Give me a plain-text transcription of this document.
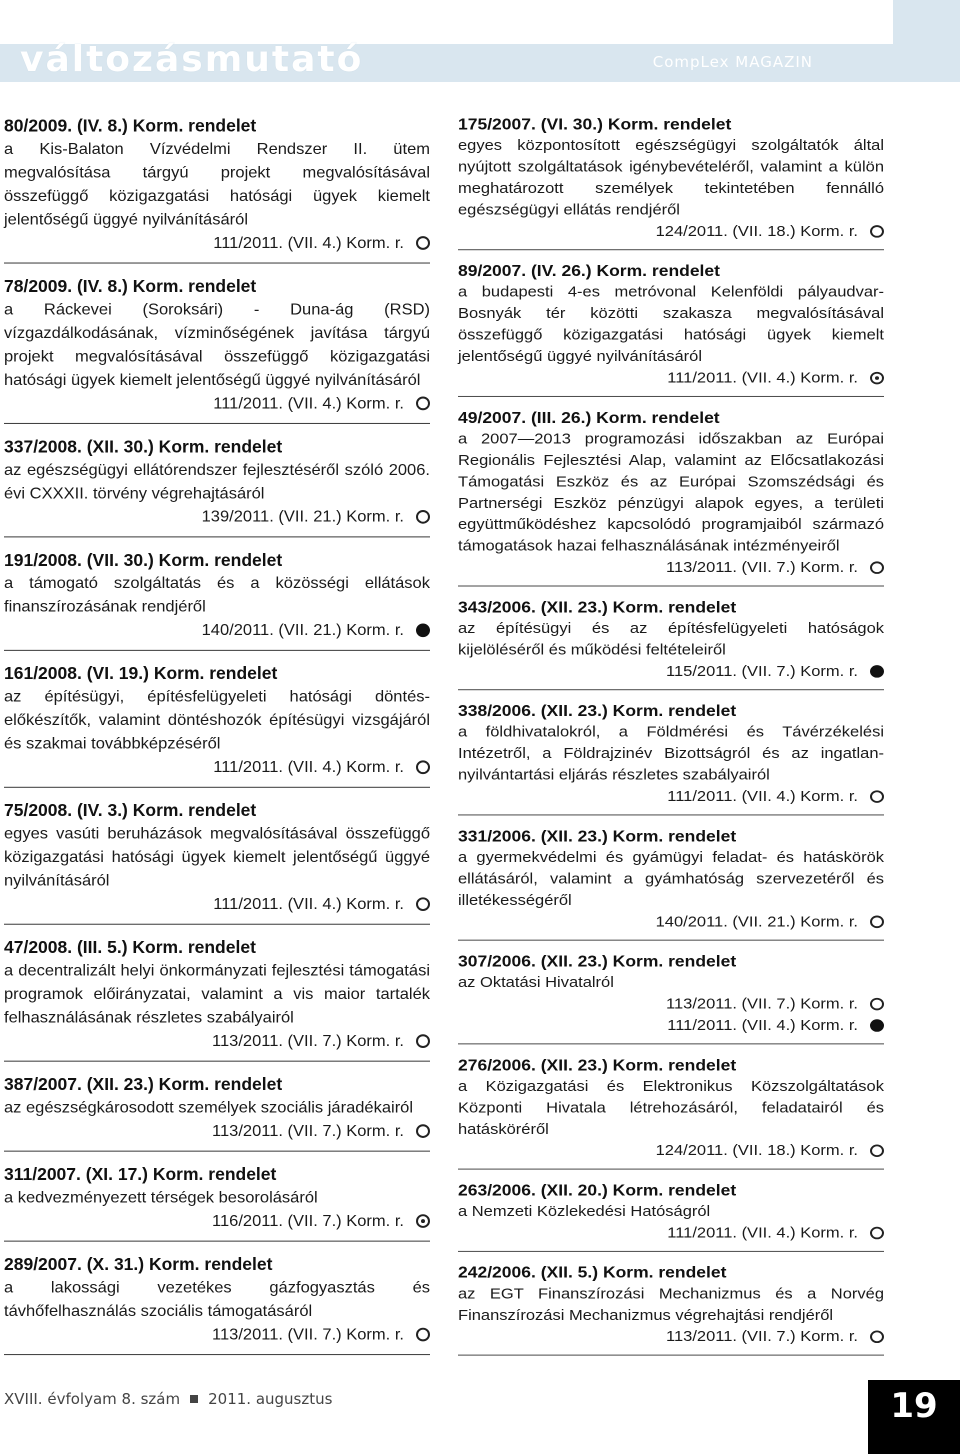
változásmutató	CompLex MAGAZIN
80/2009. (IV. 8.) Korm. rendelet
a Kis-Balaton Vízvédelmi Rendszer II. ütem megvalósítása tárgyú projekt megvalósításával összefüggő közigazgatási hatósági ügyek kiemelt jelentőségű üggyé nyilvánításáról
111/2011. (VII. 4.) Korm. r.
78/2009. (IV. 8.) Korm. rendelet
a Ráckevei (Soroksári) - Duna-ág (RSD) vízgazdálkodásának, vízminőségének javítása tárgyú projekt megvalósításával összefüggő közigazgatási hatósági ügyek kiemelt jelentőségű üggyé nyilvánításáról
111/2011. (VII. 4.) Korm. r.
337/2008. (XII. 30.) Korm. rendelet
az egészségügyi ellátórendszer fejlesztéséről szóló 2006. évi CXXXII. törvény végrehajtásáról
139/2011. (VII. 21.) Korm. r.
191/2008. (VII. 30.) Korm. rendelet
a támogató szolgáltatás és a közösségi ellátások finanszírozásának rendjéről
140/2011. (VII. 21.) Korm. r.
161/2008. (VI. 19.) Korm. rendelet
az építésügyi, építésfelügyeleti hatósági döntés-előkészítők, valamint döntéshozók építésügyi vizsgájáról és szakmai továbbképzéséről
111/2011. (VII. 4.) Korm. r.
75/2008. (IV. 3.) Korm. rendelet
egyes vasúti beruházások megvalósításával összefüggő közigazgatási hatósági ügyek kiemelt jelentőségű üggyé nyilvánításáról
111/2011. (VII. 4.) Korm. r.
47/2008. (III. 5.) Korm. rendelet
a decentralizált helyi önkormányzati fejlesztési támogatási programok előirányzatai, valamint a vis maior tartalék felhasználásának részletes szabályairól
113/2011. (VII. 7.) Korm. r.
387/2007. (XII. 23.) Korm. rendelet
az egészségkárosodott személyek szociális járadékairól
113/2011. (VII. 7.) Korm. r.
311/2007. (XI. 17.) Korm. rendelet
a kedvezményezett térségek besorolásáról
116/2011. (VII. 7.) Korm. r.
289/2007. (X. 31.) Korm. rendelet
a lakossági vezetékes gázfogyasztás és távhőfelhasználás szociális támogatásáról
113/2011. (VII. 7.) Korm. r.
175/2007. (VI. 30.) Korm. rendelet
egyes központosított egészségügyi szolgáltatók által nyújtott szolgáltatások igénybevételéről, valamint a külön meghatározott személyek tekintetében fennálló egészségügyi ellátás rendjéről
124/2011. (VII. 18.) Korm. r.
89/2007. (IV. 26.) Korm. rendelet
a budapesti 4-es metróvonal Kelenföldi pályaudvar-Bosnyák tér közötti szakasza megvalósításával összefüggő közigazgatási hatósági ügyek kiemelt jelentőségű üggyé nyilvánításáról
111/2011. (VII. 4.) Korm. r.
49/2007. (III. 26.) Korm. rendelet
a 2007—2013 programozási időszakban az Európai Regionális Fejlesztési Alap, valamint az Előcsatlakozási Támogatási Eszköz és az Európai Szomszédsági és Partnerségi Eszköz pénzügyi alapok egyes, a területi együttműködéshez kapcsolódó programjaiból származó támogatások hazai felhasználásának intézményeiről
113/2011. (VII. 7.) Korm. r.
343/2006. (XII. 23.) Korm. rendelet
az építésügyi és az építésfelügyeleti hatóságok kijelöléséről és működési feltételeiről
115/2011. (VII. 7.) Korm. r.
338/2006. (XII. 23.) Korm. rendelet
a földhivatalokról, a Földmérési és Távérzékelési Intézetről, a Földrajzinév Bizottságról és az ingatlan-nyilvántartási eljárás részletes szabályairól
111/2011. (VII. 4.) Korm. r.
331/2006. (XII. 23.) Korm. rendelet
a gyermekvédelmi és gyámügyi feladat- és hatáskörök ellátásáról, valamint a gyámhatóság szervezetéről és illetékességéről
140/2011. (VII. 21.) Korm. r.
307/2006. (XII. 23.) Korm. rendelet
az Oktatási Hivatalról
113/2011. (VII. 7.) Korm. r.
111/2011. (VII. 4.) Korm. r.
276/2006. (XII. 23.) Korm. rendelet
a Közigazgatási és Elektronikus Közszolgáltatások Központi Hivatala létrehozásáról, feladatairól és hatásköréről
124/2011. (VII. 18.) Korm. r.
263/2006. (XII. 20.) Korm. rendelet
a Nemzeti Közlekedési Hatóságról
111/2011. (VII. 4.) Korm. r.
242/2006. (XII. 5.) Korm. rendelet
az EGT Finanszírozási Mechanizmus és a Norvég Finanszírozási Mechanizmus végrehajtási rendjéről
113/2011. (VII. 7.) Korm. r.
XVIII. évfolyam 8. szám 2011. augusztus	19
